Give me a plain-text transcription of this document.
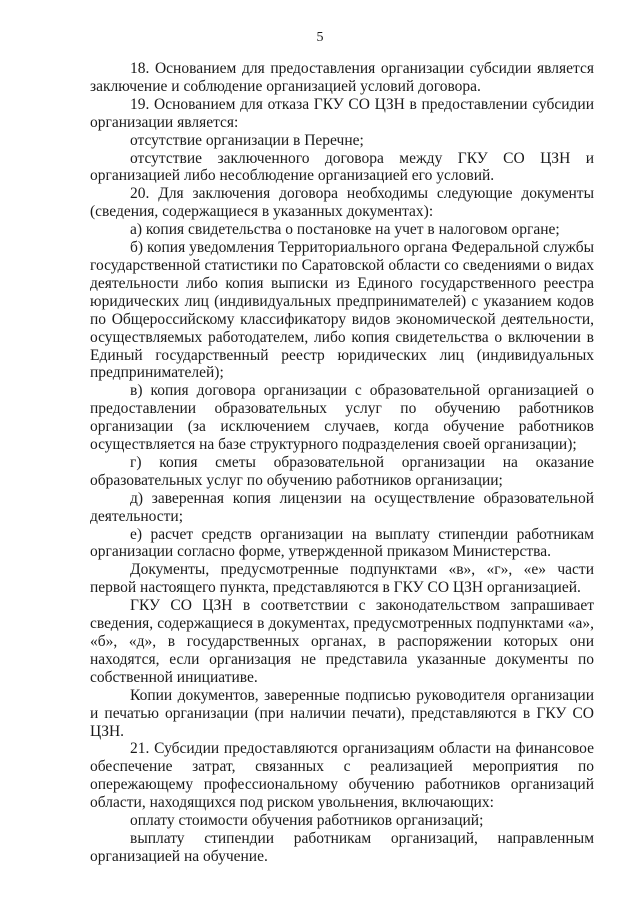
5

18. Основанием для предоставления организации субсидии является заключение и соблюдение организацией условий договора.

19. Основанием для отказа ГКУ СО ЦЗН в предоставлении субсидии организации является:

отсутствие организации в Перечне;

отсутствие заключенного договора между ГКУ СО ЦЗН и организацией либо несоблюдение организацией его условий.

20. Для заключения договора необходимы следующие документы (сведения, содержащиеся в указанных документах):

а) копия свидетельства о постановке на учет в налоговом органе;

б) копия уведомления Территориального органа Федеральной службы государственной статистики по Саратовской области со сведениями о видах деятельности либо копия выписки из Единого государственного реестра юридических лиц (индивидуальных предпринимателей) с указанием кодов по Общероссийскому классификатору видов экономической деятельности, осуществляемых работодателем, либо копия свидетельства о включении в Единый государственный реестр юридических лиц (индивидуальных предпринимателей);

в) копия договора организации с образовательной организацией о предоставлении образовательных услуг по обучению работников организации (за исключением случаев, когда обучение работников осуществляется на базе структурного подразделения своей организации);

г) копия сметы образовательной организации на оказание образовательных услуг по обучению работников организации;

д) заверенная копия лицензии на осуществление образовательной деятельности;

е) расчет средств организации на выплату стипендии работникам организации согласно форме, утвержденной приказом Министерства.

Документы, предусмотренные подпунктами «в», «г», «е» части первой настоящего пункта, представляются в ГКУ СО ЦЗН организацией.

ГКУ СО ЦЗН в соответствии с законодательством запрашивает сведения, содержащиеся в документах, предусмотренных подпунктами «а», «б», «д», в государственных органах, в распоряжении которых они находятся, если организация не представила указанные документы по собственной инициативе.

Копии документов, заверенные подписью руководителя организации и печатью организации (при наличии печати), представляются в ГКУ СО ЦЗН.

21. Субсидии предоставляются организациям области на финансовое обеспечение затрат, связанных с реализацией мероприятия по опережающему профессиональному обучению работников организаций области, находящихся под риском увольнения, включающих:

оплату стоимости обучения работников организаций;

выплату стипендии работникам организаций, направленным организацией на обучение.
